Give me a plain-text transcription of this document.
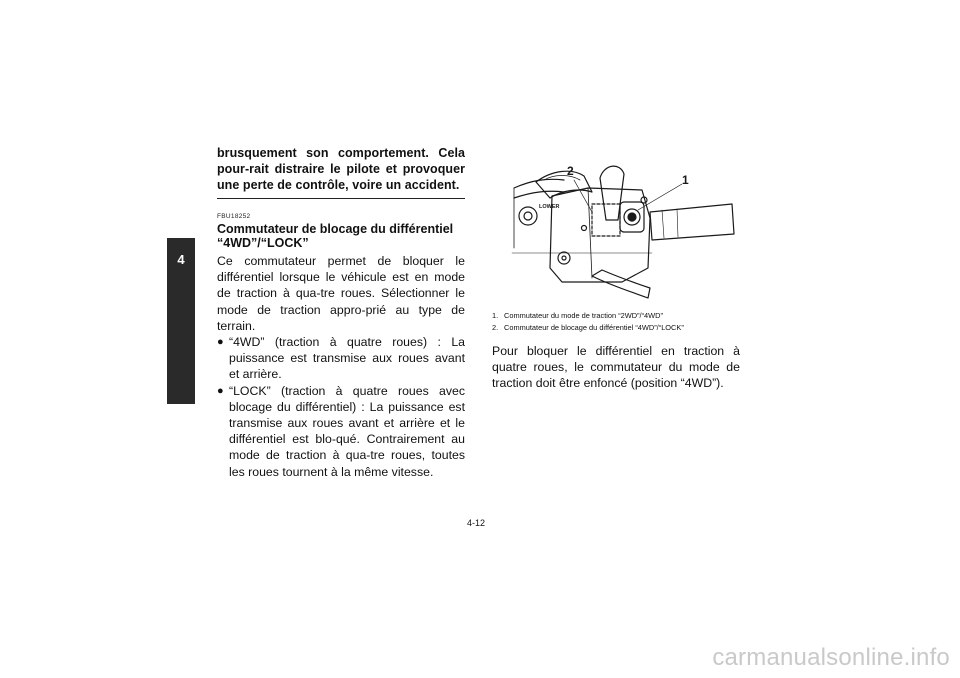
4
brusquement son comportement. Cela pour-rait distraire le pilote et provoquer une perte de contrôle, voire un accident.
FBU18252
Commutateur de blocage du différentiel
“4WD”/“LOCK”
Ce commutateur permet de bloquer le différentiel lorsque le véhicule est en mode de traction à qua-tre roues. Sélectionner le mode de traction appro-prié au type de terrain.
● “4WD” (traction à quatre roues) : La puissance est transmise aux roues avant et arrière.
● “LOCK” (traction à quatre roues avec blocage du différentiel) : La puissance est transmise aux roues avant et arrière et le différentiel est blo-qué. Contrairement au mode de traction à qua-tre roues, toutes les roues tournent à la même vitesse.
LOWER
2
1
1. Commutateur du mode de traction “2WD”/“4WD”
2. Commutateur de blocage du différentiel “4WD”/“LOCK”
Pour bloquer le différentiel en traction à quatre roues, le commutateur du mode de traction doit être enfoncé (position “4WD”).
4-12
carmanualsonline.info
